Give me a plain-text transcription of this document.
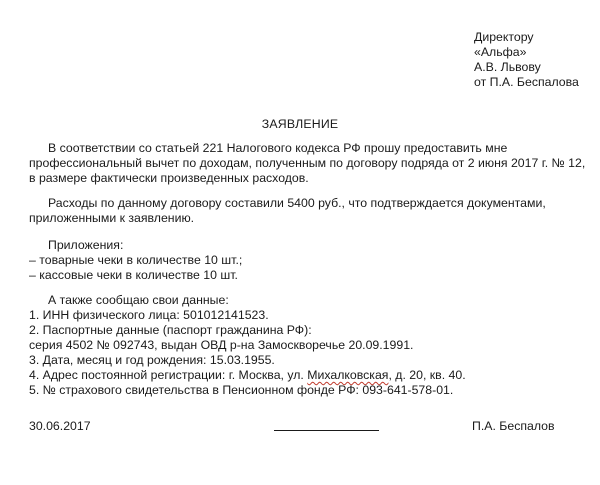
Директору
«Альфа»
А.В. Львову
от П.А. Беспалова
ЗАЯВЛЕНИЕ
В соответствии со статьей 221 Налогового кодекса РФ прошу предоставить мне
профессиональный вычет по доходам, полученным по договору подряда от 2 июня 2017 г. № 12,
в размере фактически произведенных расходов.
Расходы по данному договору составили 5400 руб., что подтверждается документами,
приложенными к заявлению.
Приложения:
– товарные чеки в количестве 10 шт.;
– кассовые чеки в количестве 10 шт.
А также сообщаю свои данные:
1. ИНН физического лица: 501012141523.
2. Паспортные данные (паспорт гражданина РФ):
серия 4502 № 092743, выдан ОВД р-на Замоскворечье 20.09.1991.
3. Дата, месяц и год рождения: 15.03.1955.
4. Адрес постоянной регистрации: г. Москва, ул. Михалковская, д. 20, кв. 40.
5. № страхового свидетельства в Пенсионном фонде РФ: 093-641-578-01.
30.06.2017	П.А. Беспалов
